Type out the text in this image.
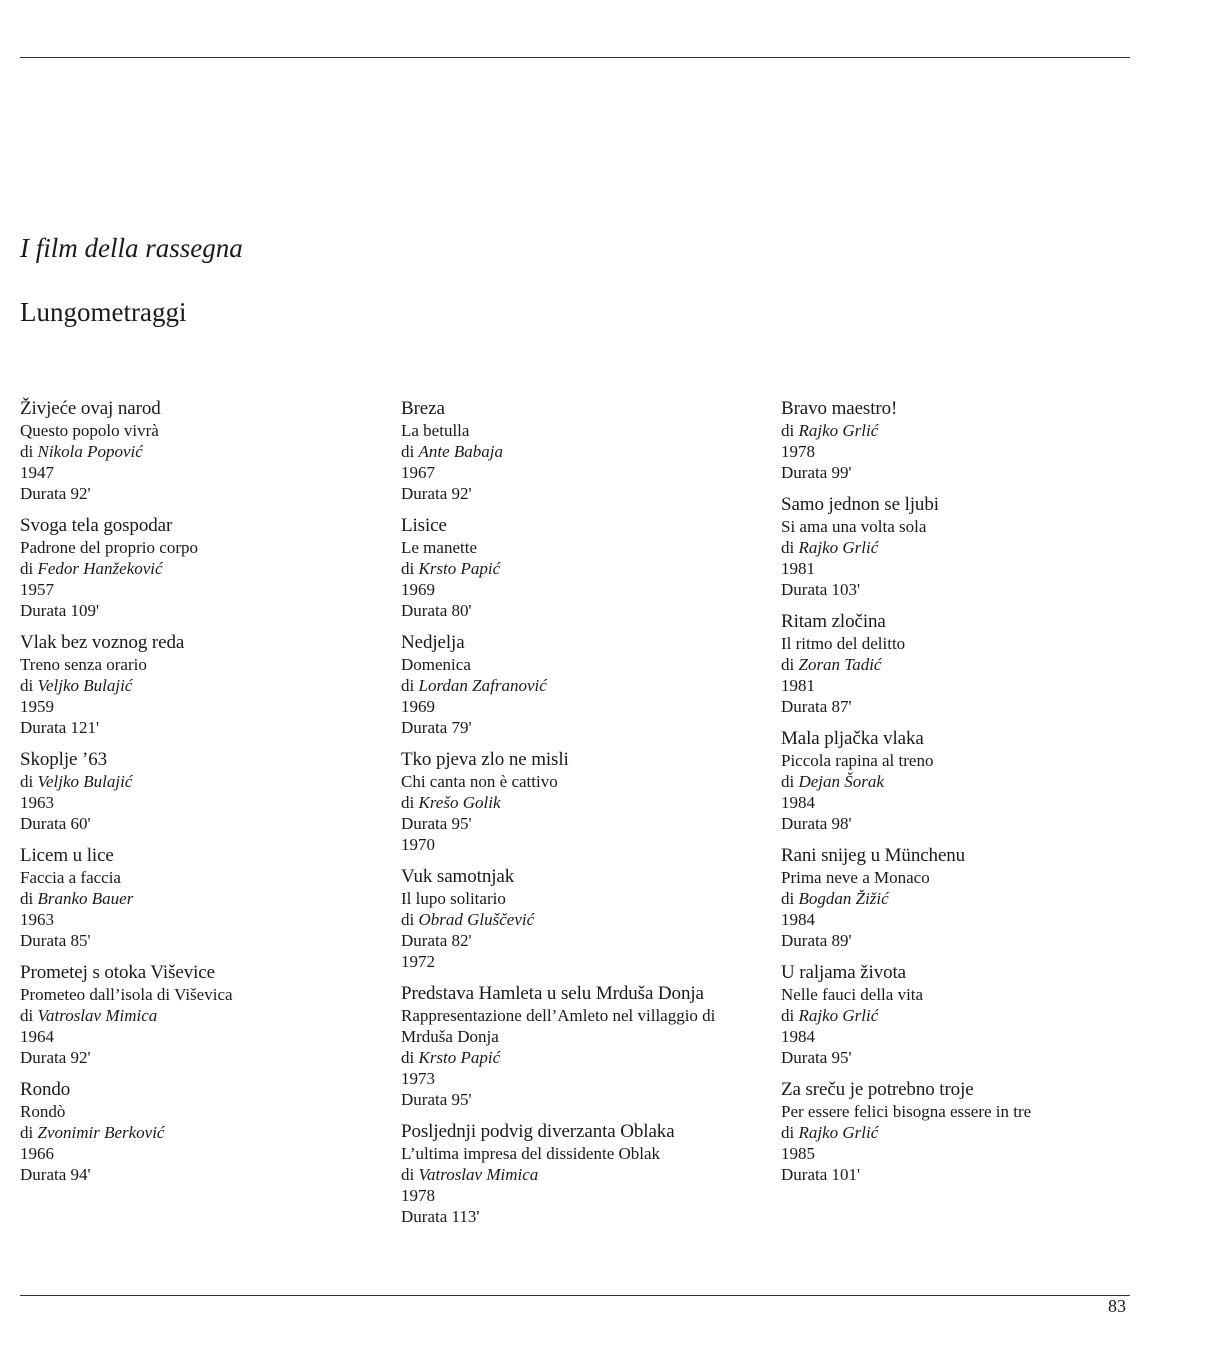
I film della rassegna
Lungometraggi
Živjeće ovaj narod
Questo popolo vivrà
di Nikola Popović
1947
Durata 92'
Svoga tela gospodar
Padrone del proprio corpo
di Fedor Hanžeković
1957
Durata 109'
Vlak bez voznog reda
Treno senza orario
di Veljko Bulajić
1959
Durata 121'
Skoplje ’63
di Veljko Bulajić
1963
Durata 60'
Licem u lice
Faccia a faccia
di Branko Bauer
1963
Durata 85'
Prometej s otoka Viševice
Prometeo dall’isola di Viševica
di Vatroslav Mimica
1964
Durata 92'
Rondo
Rondò
di Zvonimir Berković
1966
Durata 94'
Breza
La betulla
di Ante Babaja
1967
Durata 92'
Lisice
Le manette
di Krsto Papić
1969
Durata 80'
Nedjelja
Domenica
di Lordan Zafranović
1969
Durata 79'
Tko pjeva zlo ne misli
Chi canta non è cattivo
di Krešo Golik
Durata 95'
1970
Vuk samotnjak
Il lupo solitario
di Obrad Gluščević
Durata 82'
1972
Predstava Hamleta u selu Mrduša Donja
Rappresentazione dell’Amleto nel villaggio di
Mrduša Donja
di Krsto Papić
1973
Durata 95'
Posljednji podvig diverzanta Oblaka
L’ultima impresa del dissidente Oblak
di Vatroslav Mimica
1978
Durata 113'
Bravo maestro!
di Rajko Grlić
1978
Durata 99'
Samo jednon se ljubi
Si ama una volta sola
di Rajko Grlić
1981
Durata 103'
Ritam zločina
Il ritmo del delitto
di Zoran Tadić
1981
Durata 87'
Mala pljačka vlaka
Piccola rapina al treno
di Dejan Šorak
1984
Durata 98'
Rani snijeg u Münchenu
Prima neve a Monaco
di Bogdan Žižić
1984
Durata 89'
U raljama života
Nelle fauci della vita
di Rajko Grlić
1984
Durata 95'
Za sreču je potrebno troje
Per essere felici bisogna essere in tre
di Rajko Grlić
1985
Durata 101'
83
